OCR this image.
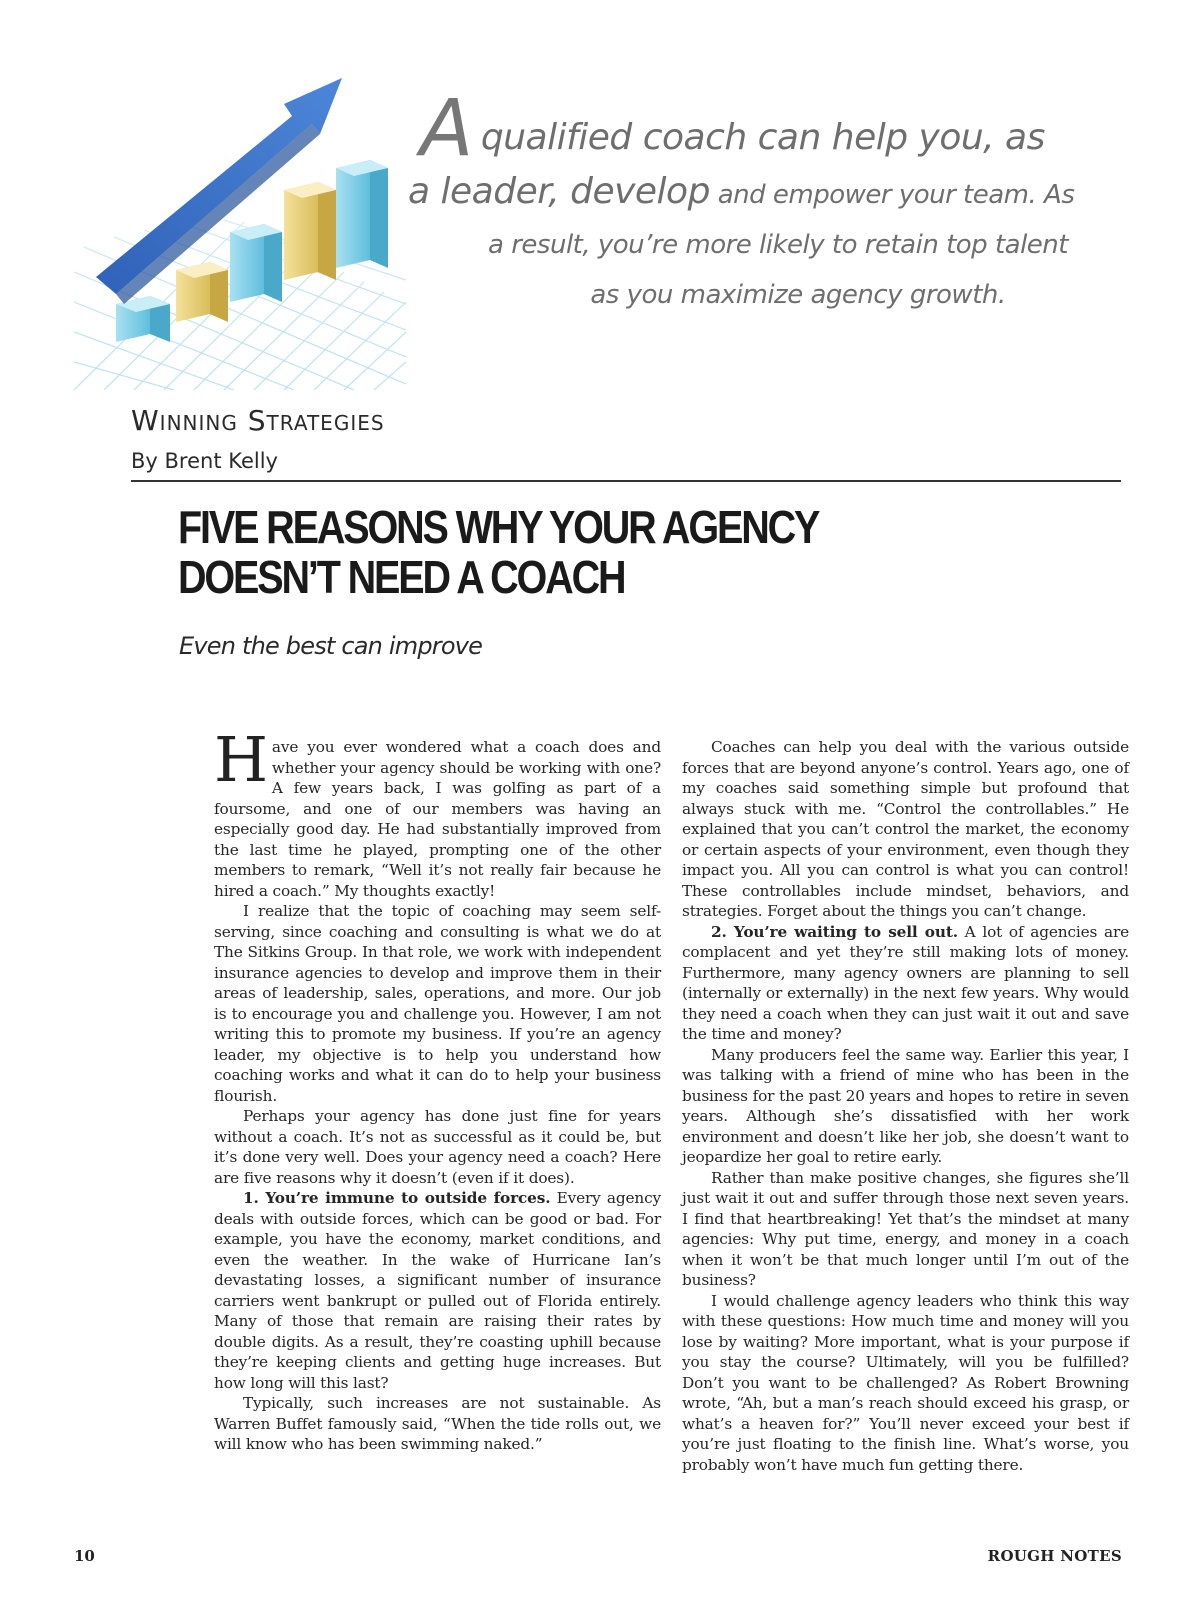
Aqualified coach can help you, as
a leader, develop and empower your team. As
a result, you’re more likely to retain top talent
as you maximize agency growth.
Winning Strategies
By Brent Kelly
FIVE REASONS WHY YOUR AGENCY
DOESN’T NEED A COACH
Even the best can improve

Have you ever wondered what a coach does and whether your agency should be working with one? A few years back, I was golfing as part of a foursome, and one of our members was having an especially good day. He had substantially improved from the last time he played, prompting one of the other members to remark, “Well it’s not really fair because he hired a coach.” My thoughts exactly!

I realize that the topic of coaching may seem self-serving, since coaching and consulting is what we do at The Sitkins Group. In that role, we work with independent insurance agencies to develop and improve them in their areas of leadership, sales, operations, and more. Our job is to encourage you and challenge you. However, I am not writing this to promote my business. If you’re an agency leader, my objective is to help you understand how coaching works and what it can do to help your business flourish.

Perhaps your agency has done just fine for years without a coach. It’s not as successful as it could be, but it’s done very well. Does your agency need a coach? Here are five reasons why it doesn’t (even if it does).

1. You’re immune to outside forces. Every agency deals with outside forces, which can be good or bad. For example, you have the economy, market conditions, and even the weather. In the wake of Hurricane Ian’s devastating losses, a significant number of insurance carriers went bankrupt or pulled out of Florida entirely. Many of those that remain are raising their rates by double digits. As a result, they’re coasting uphill because they’re keeping clients and getting huge increases. But how long will this last?

Typically, such increases are not sustainable. As Warren Buffet famously said, “When the tide rolls out, we will know who has been swimming naked.”

Coaches can help you deal with the various outside forces that are beyond anyone’s control. Years ago, one of my coaches said something simple but profound that always stuck with me. “Control the controllables.” He explained that you can’t control the market, the economy or certain aspects of your environment, even though they impact you. All you can control is what you can control! These controllables include mindset, behaviors, and strategies. Forget about the things you can’t change.

2. You’re waiting to sell out. A lot of agencies are complacent and yet they’re still making lots of money. Furthermore, many agency owners are planning to sell (internally or externally) in the next few years. Why would they need a coach when they can just wait it out and save the time and money?

Many producers feel the same way. Earlier this year, I was talking with a friend of mine who has been in the business for the past 20 years and hopes to retire in seven years. Although she’s dissatisfied with her work environment and doesn’t like her job, she doesn’t want to jeopardize her goal to retire early.

Rather than make positive changes, she figures she’ll just wait it out and suffer through those next seven years. I find that heartbreaking! Yet that’s the mindset at many agencies: Why put time, energy, and money in a coach when it won’t be that much longer until I’m out of the business?

I would challenge agency leaders who think this way with these questions: How much time and money will you lose by waiting? More important, what is your purpose if you stay the course? Ultimately, will you be fulfilled? Don’t you want to be challenged? As Robert Browning wrote, “Ah, but a man’s reach should exceed his grasp, or what’s a heaven for?” You’ll never exceed your best if you’re just floating to the finish line. What’s worse, you probably won’t have much fun getting there.

10	ROUGH NOTES
